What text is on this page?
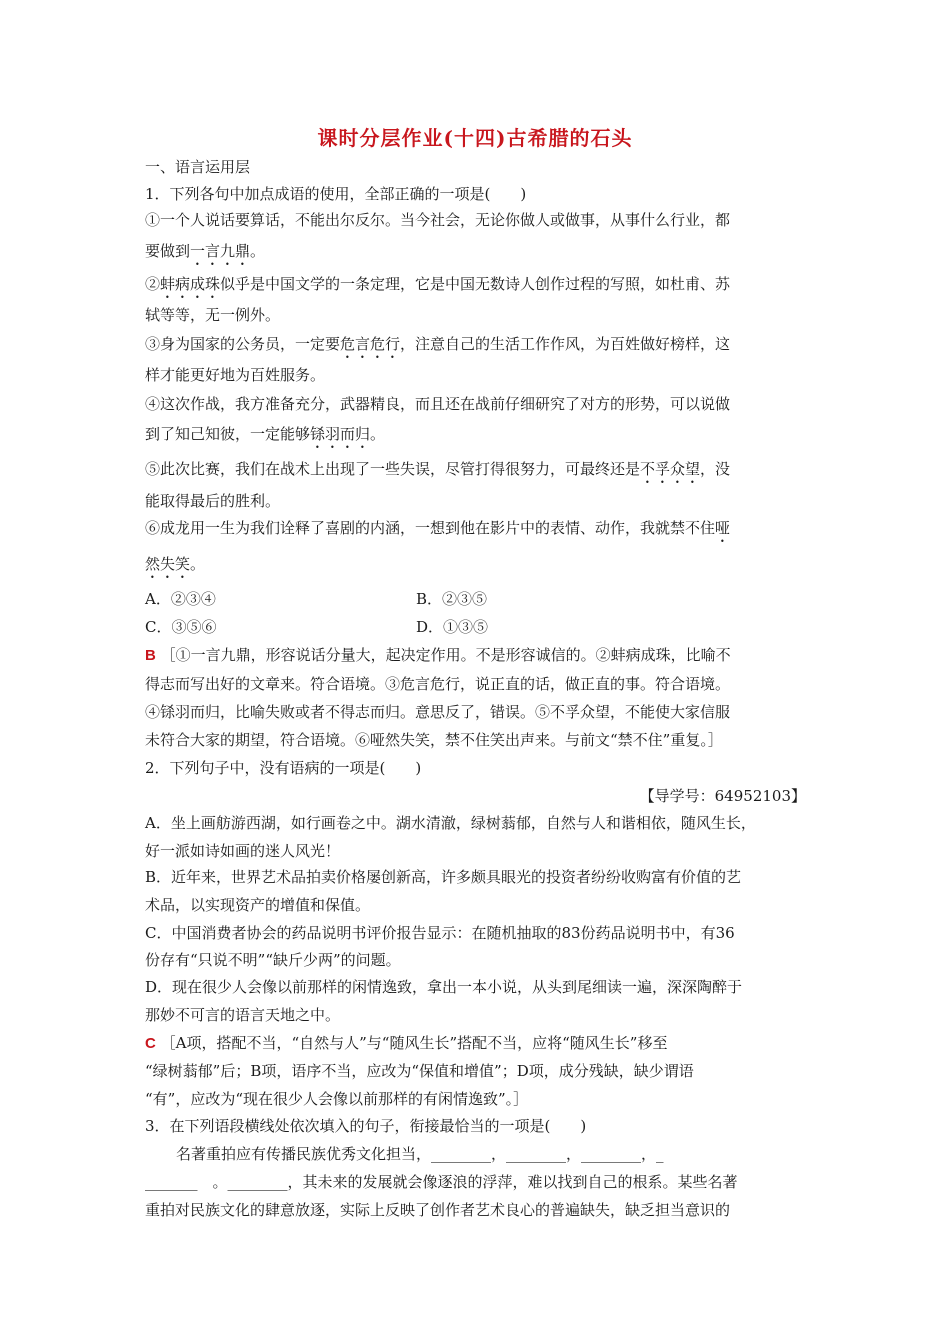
课时分层作业(十四)古希腊的石头
一、语言运用层
1．下列各句中加点成语的使用，全部正确的一项是(　　)
①一个人说话要算话，不能出尔反尔。当今社会，无论你做人或做事，从事什么行业，都
要做到一言九鼎。
②蚌病成珠似乎是中国文学的一条定理，它是中国无数诗人创作过程的写照，如杜甫、苏
轼等等，无一例外。
③身为国家的公务员，一定要危言危行，注意自己的生活工作作风，为百姓做好榜样，这
样才能更好地为百姓服务。
④这次作战，我方准备充分，武器精良，而且还在战前仔细研究了对方的形势，可以说做
到了知己知彼，一定能够铩羽而归。
⑤此次比赛，我们在战术上出现了一些失误，尽管打得很努力，可最终还是不孚众望，没
能取得最后的胜利。
⑥成龙用一生为我们诠释了喜剧的内涵，一想到他在影片中的表情、动作，我就禁不住哑
然失笑。
A．②③④	B．②③⑤
C．③⑤⑥	D．①③⑤
B ［①一言九鼎，形容说话分量大，起决定作用。不是形容诚信的。②蚌病成珠，比喻不
得志而写出好的文章来。符合语境。③危言危行，说正直的话，做正直的事。符合语境。
④铩羽而归，比喻失败或者不得志而归。意思反了，错误。⑤不孚众望，不能使大家信服
未符合大家的期望，符合语境。⑥哑然失笑，禁不住笑出声来。与前文“禁不住”重复。］
2．下列句子中，没有语病的一项是(　　)
【导学号：64952103】
A．坐上画舫游西湖，如行画卷之中。湖水清澈，绿树蓊郁，自然与人和谐相依，随风生长，
好一派如诗如画的迷人风光！
B．近年来，世界艺术品拍卖价格屡创新高，许多颇具眼光的投资者纷纷收购富有价值的艺
术品，以实现资产的增值和保值。
C．中国消费者协会的药品说明书评价报告显示：在随机抽取的83份药品说明书中，有36
份存有“只说不明”“缺斤少两”的问题。
D．现在很少人会像以前那样的闲情逸致，拿出一本小说，从头到尾细读一遍，深深陶醉于
那妙不可言的语言天地之中。
C ［A项，搭配不当，“自然与人”与“随风生长”搭配不当，应将“随风生长”移至
“绿树蓊郁”后；B项，语序不当，应改为“保值和增值”；D项，成分残缺，缺少谓语
“有”，应改为“现在很少人会像以前那样的有闲情逸致”。］
3．在下列语段横线处依次填入的句子，衔接最恰当的一项是(　　)
名著重拍应有传播民族优秀文化担当，________，________，________，_
_______　。________，其未来的发展就会像逐浪的浮萍，难以找到自己的根系。某些名著
重拍对民族文化的肆意放逐，实际上反映了创作者艺术良心的普遍缺失，缺乏担当意识的
